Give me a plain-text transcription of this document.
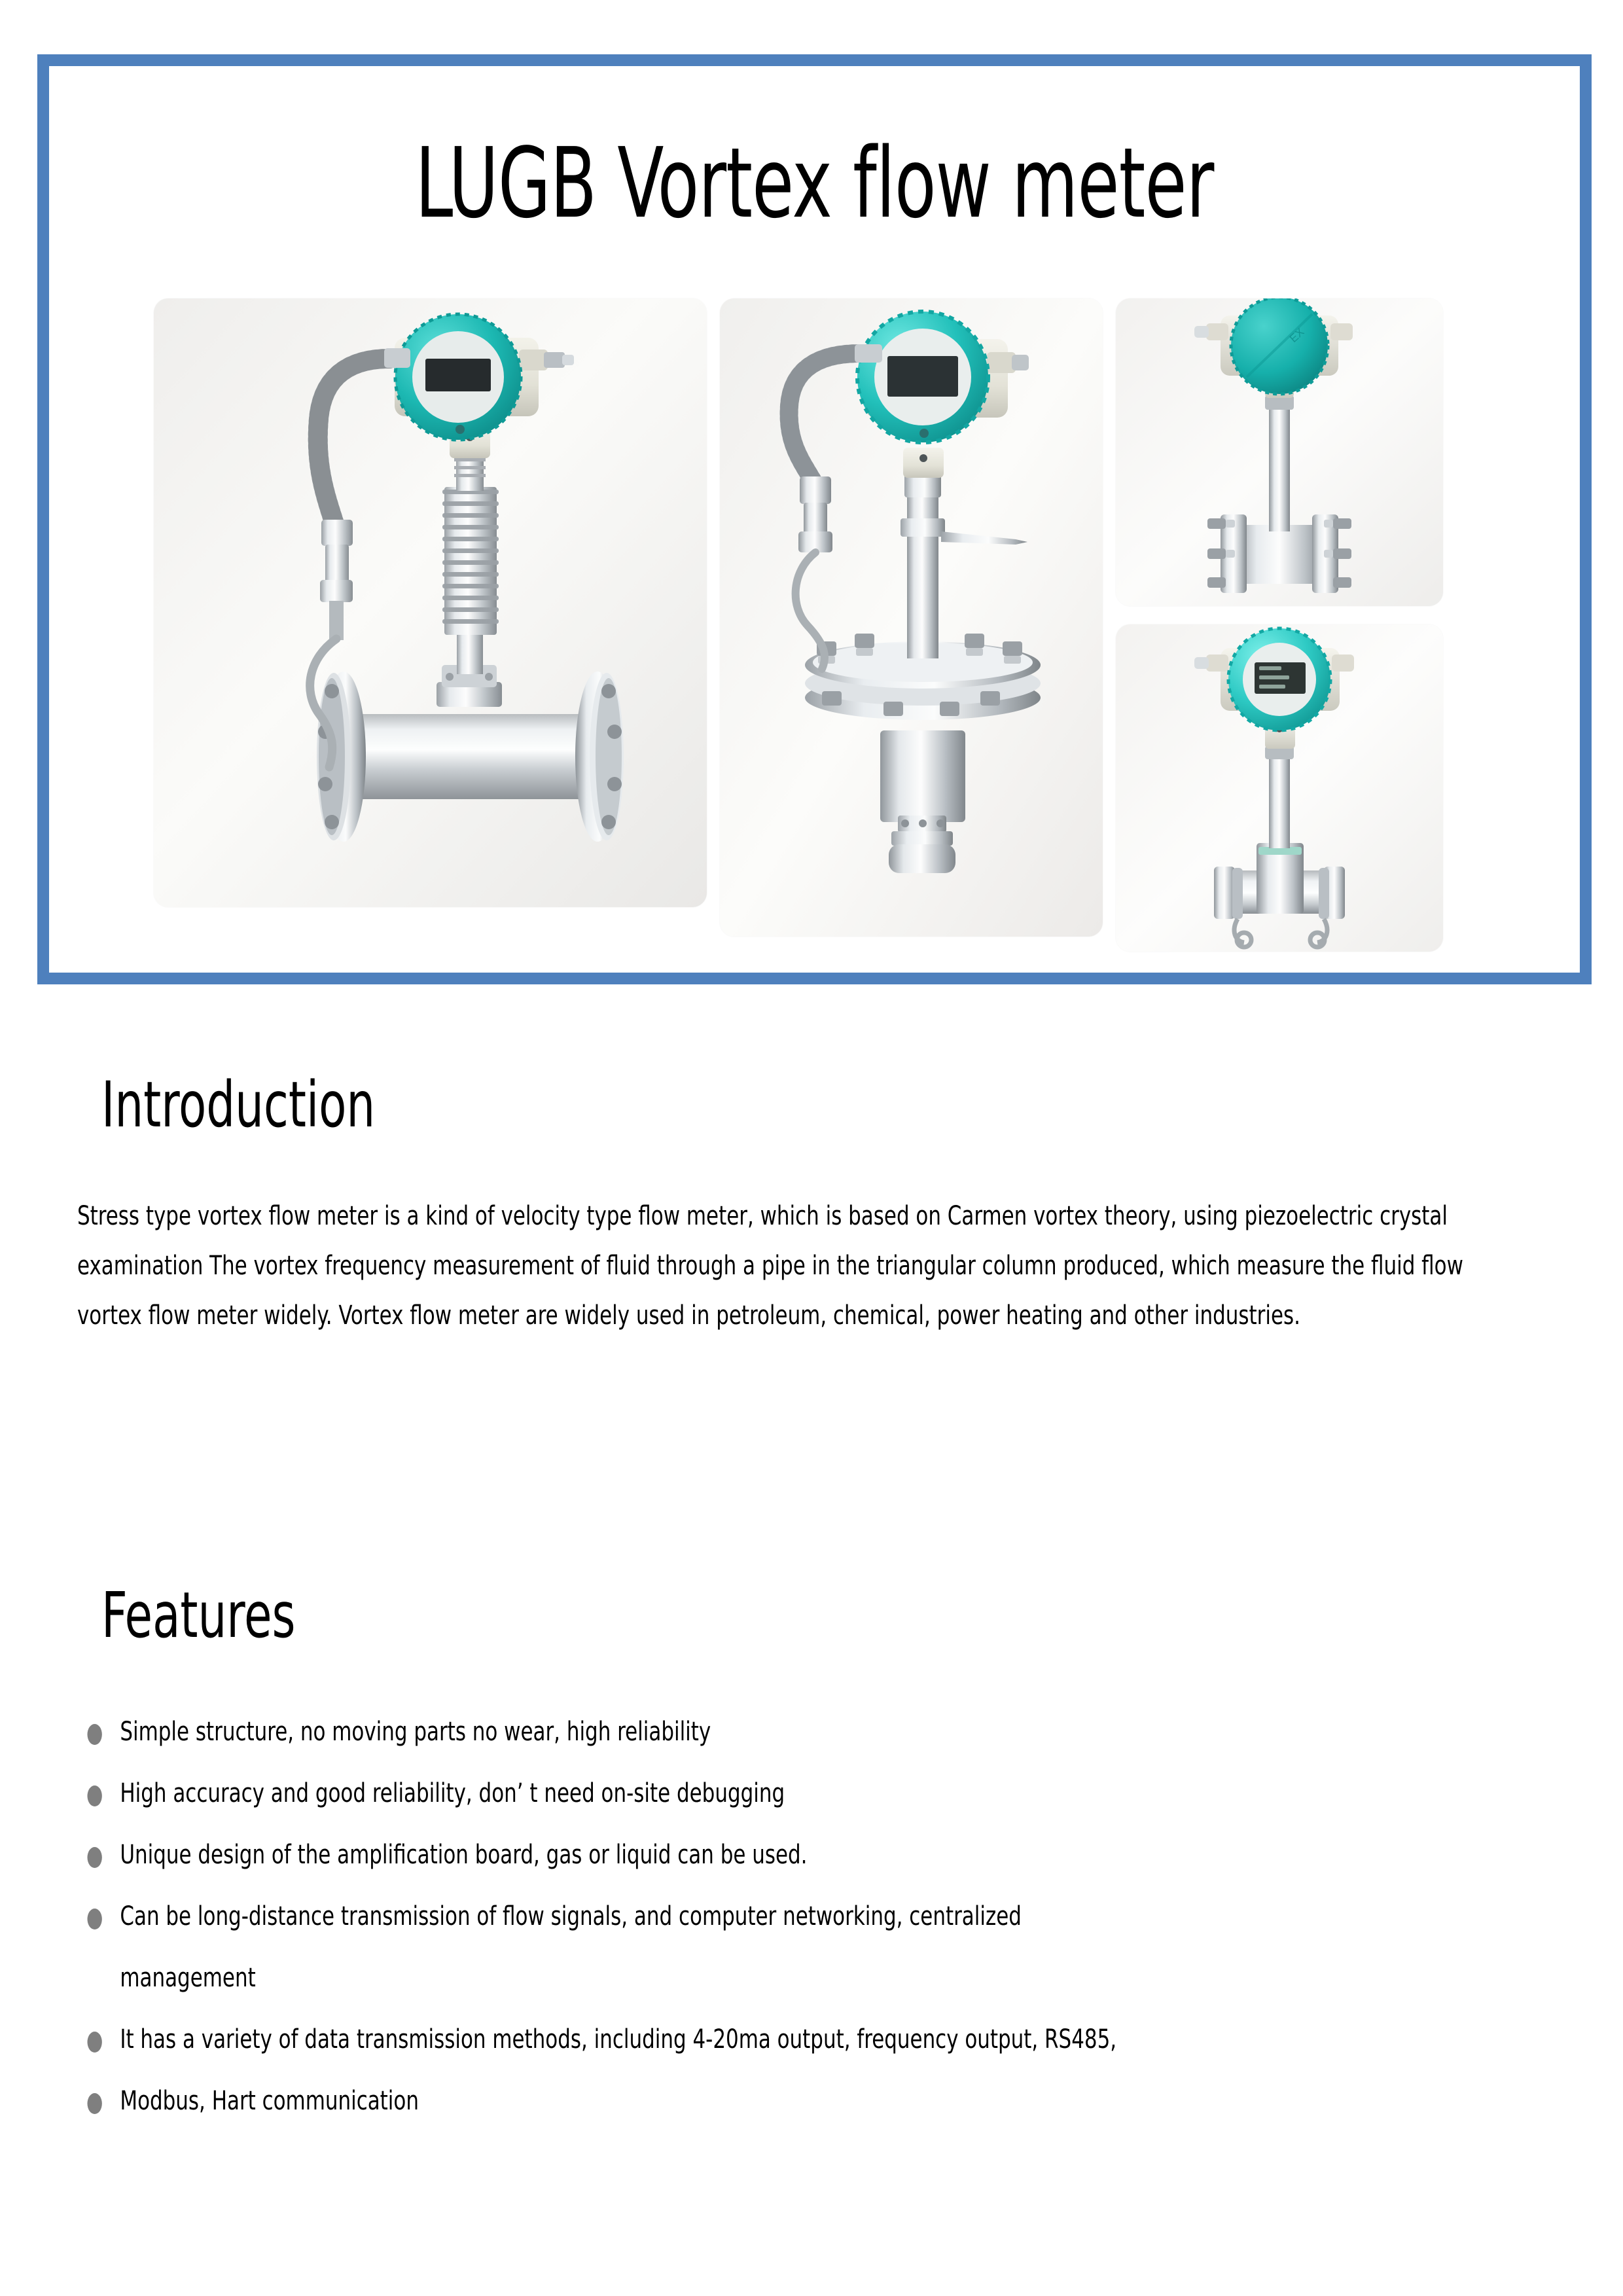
LUGB Vortex flow meter
EX
Introduction

Stress type vortex flow meter is a kind of velocity type flow meter, which is based on Carmen vortex theory, using piezoelectric crystal examination The vortex frequency measurement of fluid through a pipe in the triangular column produced, which measure the fluid flow vortex flow meter widely. Vortex flow meter are widely used in petroleum, chemical, power heating and other industries.

Features
Simple structure, no moving parts no wear, high reliability
High accuracy and good reliability, don’ t need on-site debugging
Unique design of the amplification board, gas or liquid can be used.
Can be long-distance transmission of flow signals, and computer networking, centralized
management
It has a variety of data transmission methods, including 4-20ma output, frequency output, RS485,
Modbus, Hart communication
